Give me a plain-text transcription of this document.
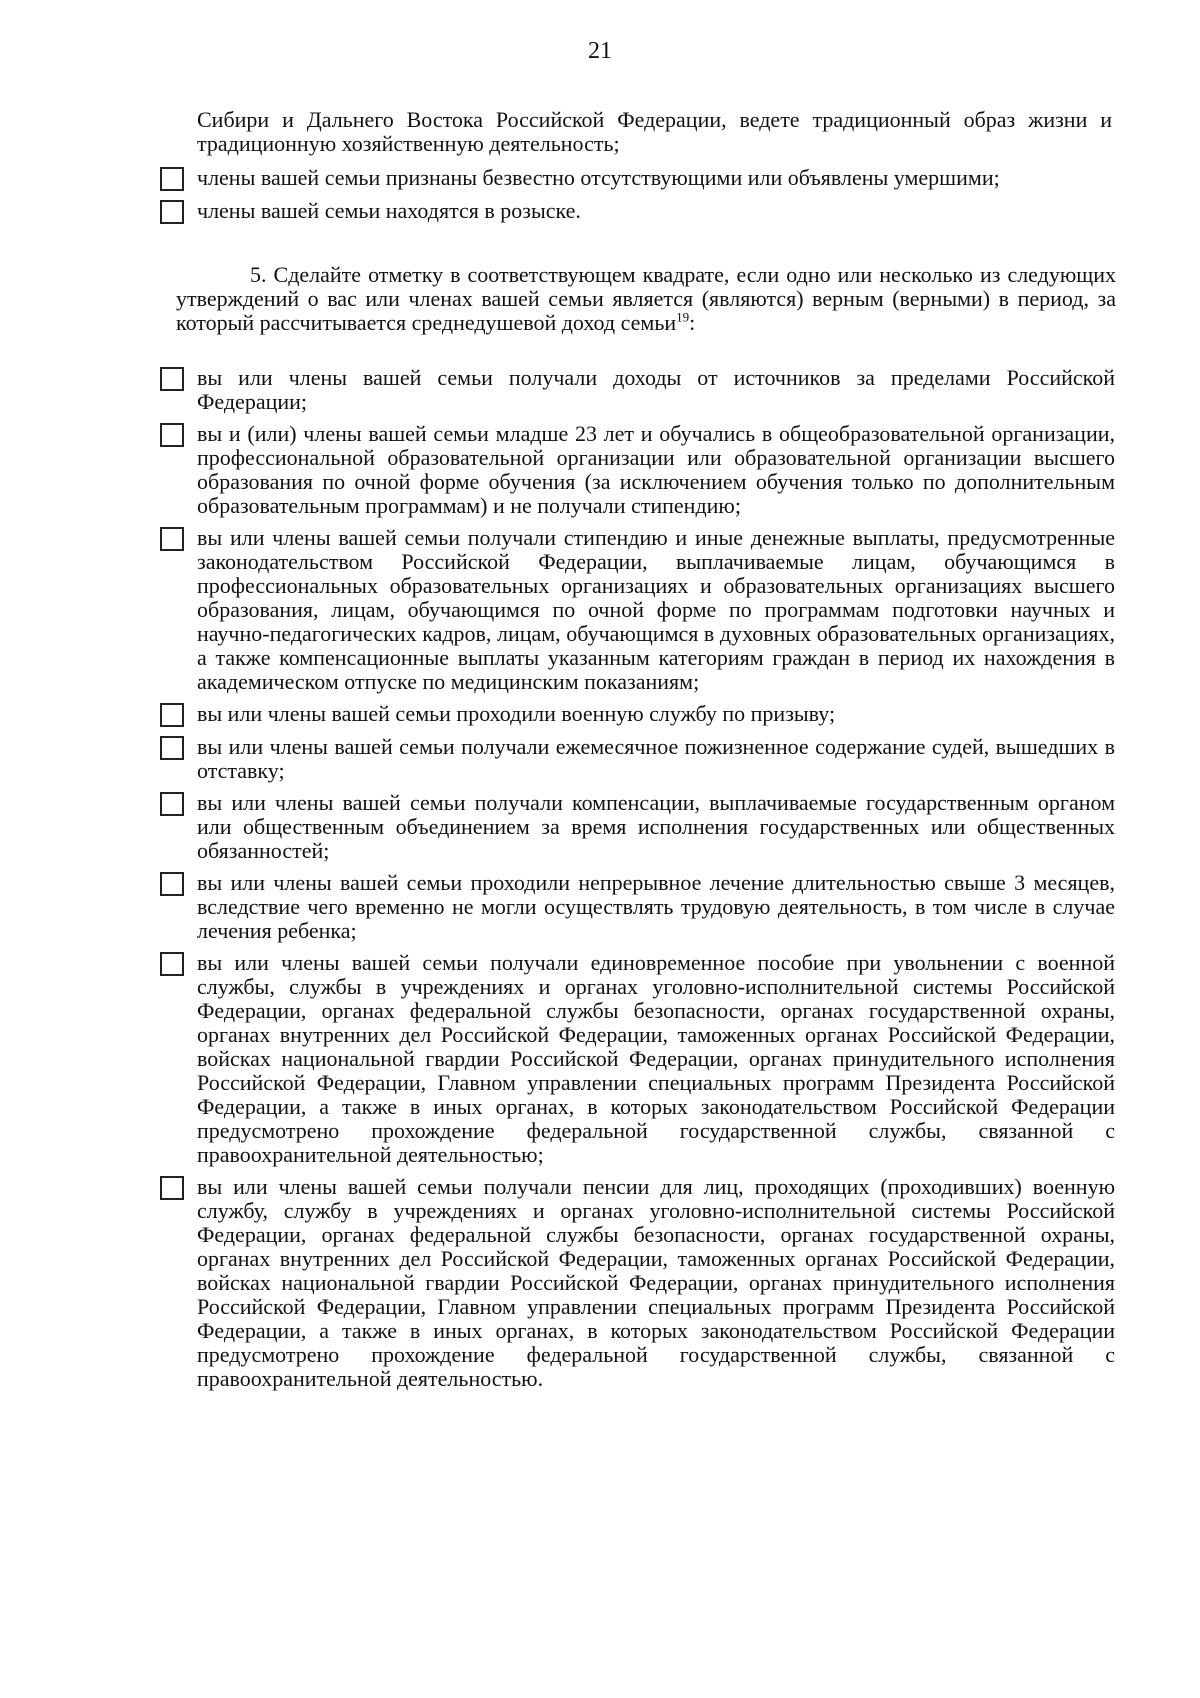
21
Сибири и Дальнего Востока Российской Федерации, ведете традиционный образ жизни и традиционную хозяйственную деятельность;
члены вашей семьи признаны безвестно отсутствующими или объявлены умершими;
члены вашей семьи находятся в розыске.
5. Сделайте отметку в соответствующем квадрате, если одно или несколько из следующих утверждений о вас или членах вашей семьи является (являются) верным (верными) в период, за который рассчитывается среднедушевой доход семьи$^{19}$:
вы или члены вашей семьи получали доходы от источников за пределами Российской Федерации;
вы и (или) члены вашей семьи младше 23 лет и обучались в общеобразовательной организации, профессиональной образовательной организации или образовательной организации высшего образования по очной форме обучения (за исключением обучения только по дополнительным образовательным программам) и не получали стипендию;
вы или члены вашей семьи получали стипендию и иные денежные выплаты, предусмотренные законодательством Российской Федерации, выплачиваемые лицам, обучающимся в профессиональных образовательных организациях и образовательных организациях высшего образования, лицам, обучающимся по очной форме по программам подготовки научных и научно-педагогических кадров, лицам, обучающимся в духовных образовательных организациях, а также компенсационные выплаты указанным категориям граждан в период их нахождения в академическом отпуске по медицинским показаниям;
вы или члены вашей семьи проходили военную службу по призыву;
вы или члены вашей семьи получали ежемесячное пожизненное содержание судей, вышедших в отставку;
вы или члены вашей семьи получали компенсации, выплачиваемые государственным органом или общественным объединением за время исполнения государственных или общественных обязанностей;
вы или члены вашей семьи проходили непрерывное лечение длительностью свыше 3 месяцев, вследствие чего временно не могли осуществлять трудовую деятельность, в том числе в случае лечения ребенка;
вы или члены вашей семьи получали единовременное пособие при увольнении с военной службы, службы в учреждениях и органах уголовно-исполнительной системы Российской Федерации, органах федеральной службы безопасности, органах государственной охраны, органах внутренних дел Российской Федерации, таможенных органах Российской Федерации, войсках национальной гвардии Российской Федерации, органах принудительного исполнения Российской Федерации, Главном управлении специальных программ Президента Российской Федерации, а также в иных органах, в которых законодательством Российской Федерации предусмотрено прохождение федеральной государственной службы, связанной с правоохранительной деятельностью;
вы или члены вашей семьи получали пенсии для лиц, проходящих (проходивших) военную службу, службу в учреждениях и органах уголовно-исполнительной системы Российской Федерации, органах федеральной службы безопасности, органах государственной охраны, органах внутренних дел Российской Федерации, таможенных органах Российской Федерации, войсках национальной гвардии Российской Федерации, органах принудительного исполнения Российской Федерации, Главном управлении специальных программ Президента Российской Федерации, а также в иных органах, в которых законодательством Российской Федерации предусмотрено прохождение федеральной государственной службы, связанной с правоохранительной деятельностью.
